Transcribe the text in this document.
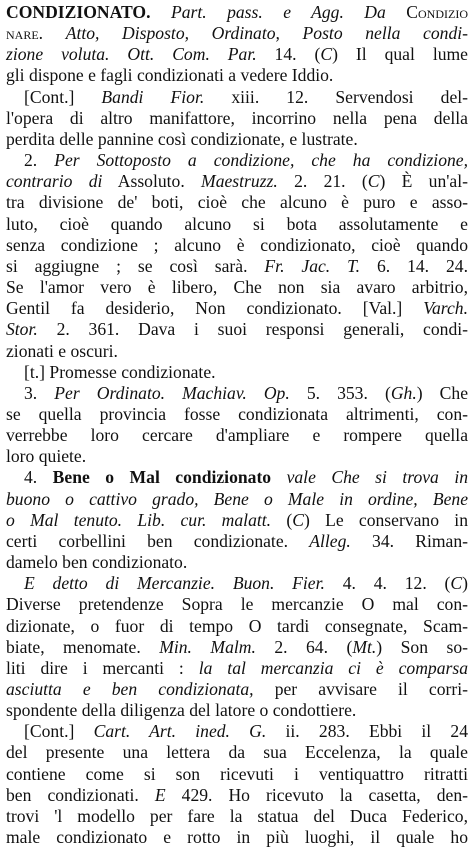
CONDIZIONATO. Part. pass. e Agg. Da Condizio
nare. Atto, Disposto, Ordinato, Posto nella condi-
zione voluta. Ott. Com. Par. 14. (C) Il qual lume
gli dispone e fagli condizionati a vedere Iddio.
[Cont.] Bandi Fior. xiii. 12. Servendosi del-
l'opera di altro manifattore, incorrino nella pena della
perdita delle pannine così condizionate, e lustrate.
2. Per Sottoposto a condizione, che ha condizione,
contrario di Assoluto. Maestruzz. 2. 21. (C) È un'al-
tra divisione de' boti, cioè che alcuno è puro e asso-
luto, cioè quando alcuno si bota assolutamente e
senza condizione ; alcuno è condizionato, cioè quando
si aggiugne ; se così sarà. Fr. Jac. T. 6. 14. 24.
Se l'amor vero è libero, Che non sia avaro arbitrio,
Gentil fa desiderio, Non condizionato. [Val.] Varch.
Stor. 2. 361. Dava i suoi responsi generali, condi-
zionati e oscuri.
[t.] Promesse condizionate.
3. Per Ordinato. Machiav. Op. 5. 353. (Gh.) Che
se quella provincia fosse condizionata altrimenti, con-
verrebbe loro cercare d'ampliare e rompere quella
loro quiete.
4. Bene o Mal condizionato vale Che si trova in
buono o cattivo grado, Bene o Male in ordine, Bene
o Mal tenuto. Lib. cur. malatt. (C) Le conservano in
certi corbellini ben condizionate. Alleg. 34. Riman-
damelo ben condizionato.
E detto di Mercanzie. Buon. Fier. 4. 4. 12. (C)
Diverse pretendenze Sopra le mercanzie O mal con-
dizionate, o fuor di tempo O tardi consegnate, Scam-
biate, menomate. Min. Malm. 2. 64. (Mt.) Son so-
liti dire i mercanti : la tal mercanzia ci è comparsa
asciutta e ben condizionata, per avvisare il corri-
spondente della diligenza del latore o condottiere.
[Cont.] Cart. Art. ined. G. ii. 283. Ebbi il 24
del presente una lettera da sua Eccelenza, la quale
contiene come si son ricevuti i ventiquattro ritratti
ben condizionati. E 429. Ho ricevuto la casetta, den-
trovi 'l modello per fare la statua del Duca Federico,
male condizionato e rotto in più luoghi, il quale ho
